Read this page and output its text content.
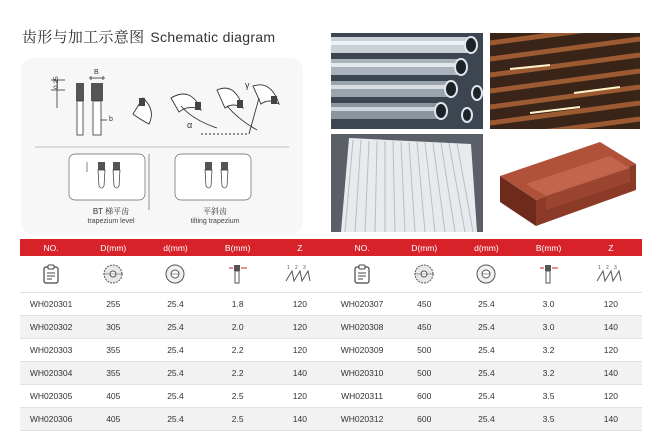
齿形与加工示意图 Schematic diagram
0.25
B
b
γ
α
BT 梯平齿
trapezium level
平斜齿
tilting trapezium
NO.	D(mm)	d(mm)	B(mm)	Z	NO.	D(mm)	d(mm)	B(mm)	Z

1 2 3					1 2 3

WH020301	255	25.4	1.8	120	WH020307	450	25.4	3.0	120
WH020302	305	25.4	2.0	120	WH020308	450	25.4	3.0	140
WH020303	355	25.4	2.2	120	WH020309	500	25.4	3.2	120
WH020304	355	25.4	2.2	140	WH020310	500	25.4	3.2	140
WH020305	405	25.4	2.5	120	WH020311	600	25.4	3.5	120
WH020306	405	25.4	2.5	140	WH020312	600	25.4	3.5	140
